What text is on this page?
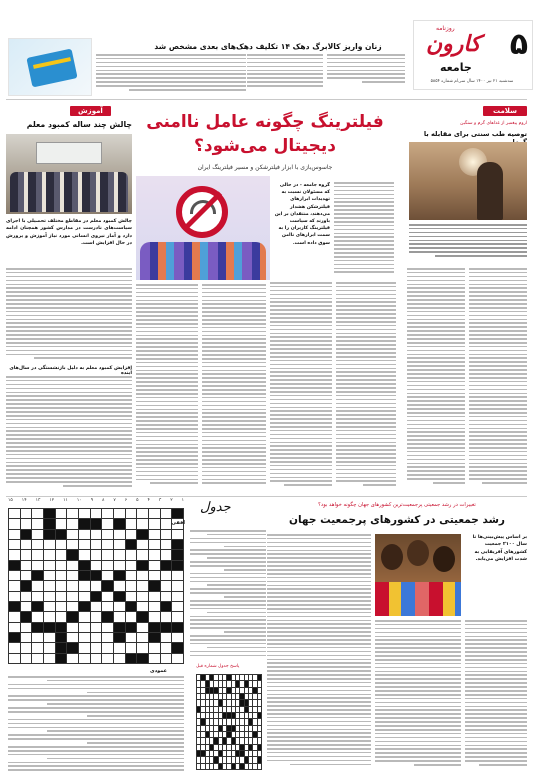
۵
روزنامه
کارون
جامعه
سه‌شنبه ۲۱ تیر ۱۴۰۰ سال سی‌ام شماره ۵۸۵۴
زنان واریز کالابرگ دهک ۱۴ تکلیف دهک‌های بعدی مشخص شد
سلامت
اروم پیغمبر از غذاهای گرم و سنگین
توصیه طب سنتی برای مقابله با
فیلترینگ چگونه عامل ناامنی
دیجیتال می‌شود؟
جاسوس‌بازی با ابزار فیلترشکن و مسیر فیلترینگ ایران
گروه جامعه - در حالی که مسئولان نسبت به تهدیدات ابزارهای فیلترشکن هشدار می‌دهند، منتقدان بر این باورند که سیاست فیلترینگ کاربران را به سمت ابزارهای ناامن سوق داده است.
آموزش
چالش چند ساله کمبود معلم
چالش کمبود معلم در مقاطع مختلف تحصیلی با اجرای سیاست‌های نادرست در مدارس کشور همچنان ادامه دارد و آمار نیروی انسانی مورد نیاز آموزش و پرورش در حال افزایش است.
افزایش کمبود معلم به دلیل بازنشستگی در سال‌های آینده
تغییرات در رشد جمعیتی پرجمعیت‌ترین کشورهای جهان چگونه خواهد بود؟
رشد جمعیتی در کشورهای پرجمعیت جهان
بر اساس پیش‌بینی‌ها تا سال ۲۱۰۰ جمعیت کشورهای آفریقایی به شدت افزایش می‌یابد.
جدول
۱۵ ۱۴ ۱۳ ۱۲ ۱۱ ۱۰ ۹ ۸ ۷ ۶ ۵ ۴ ۳ ۲ ۱
افقی
عمودی
پاسخ جدول شماره قبل
